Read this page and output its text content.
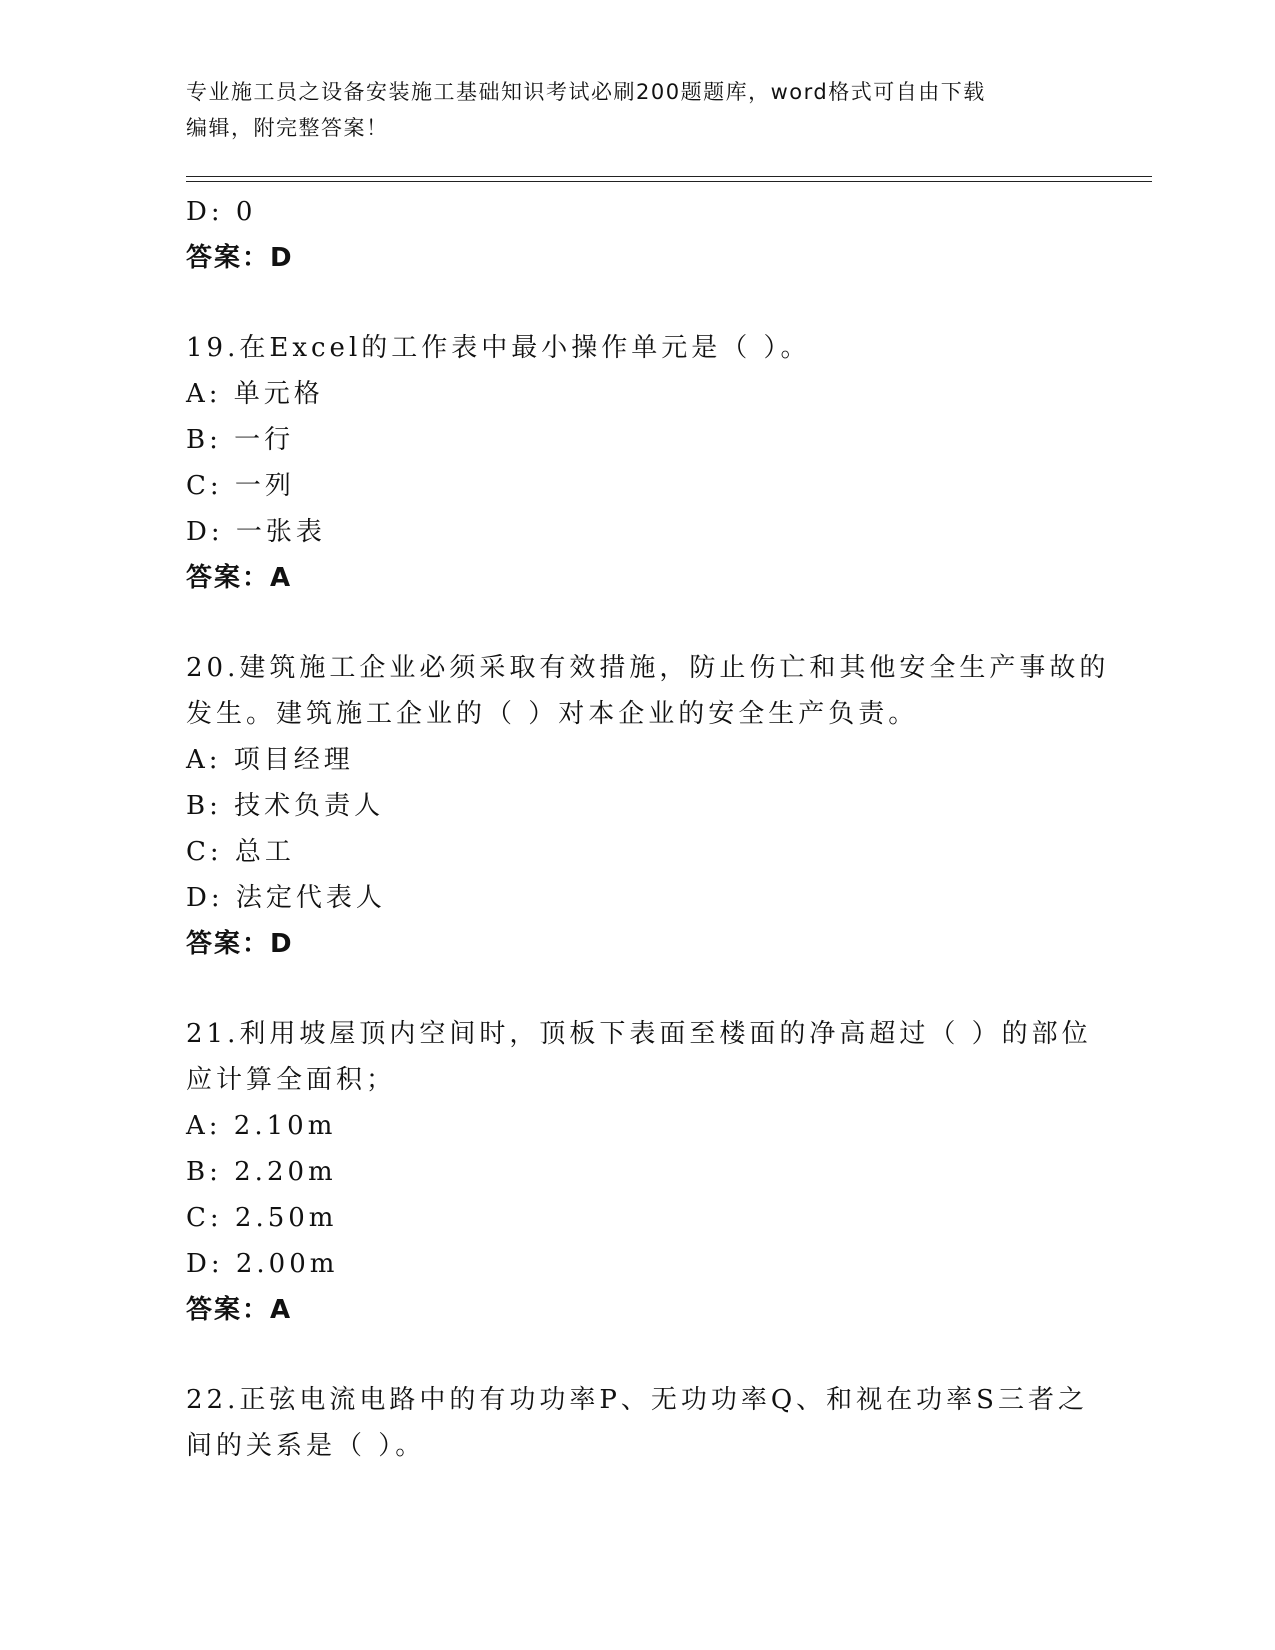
专业施工员之设备安装施工基础知识考试必刷200题题库，word格式可自由下载
编辑，附完整答案！
D: 0
答案：D
19.在Excel的工作表中最小操作单元是（ ）。
A: 单元格
B: 一行
C: 一列
D: 一张表
答案：A
20.建筑施工企业必须采取有效措施，防止伤亡和其他安全生产事故的
发生。建筑施工企业的（ ）对本企业的安全生产负责。
A: 项目经理
B: 技术负责人
C: 总工
D: 法定代表人
答案：D
21.利用坡屋顶内空间时，顶板下表面至楼面的净高超过（ ）的部位
应计算全面积；
A: 2.10m
B: 2.20m
C: 2.50m
D: 2.00m
答案：A
22.正弦电流电路中的有功功率P、无功功率Q、和视在功率S三者之
间的关系是（ ）。
